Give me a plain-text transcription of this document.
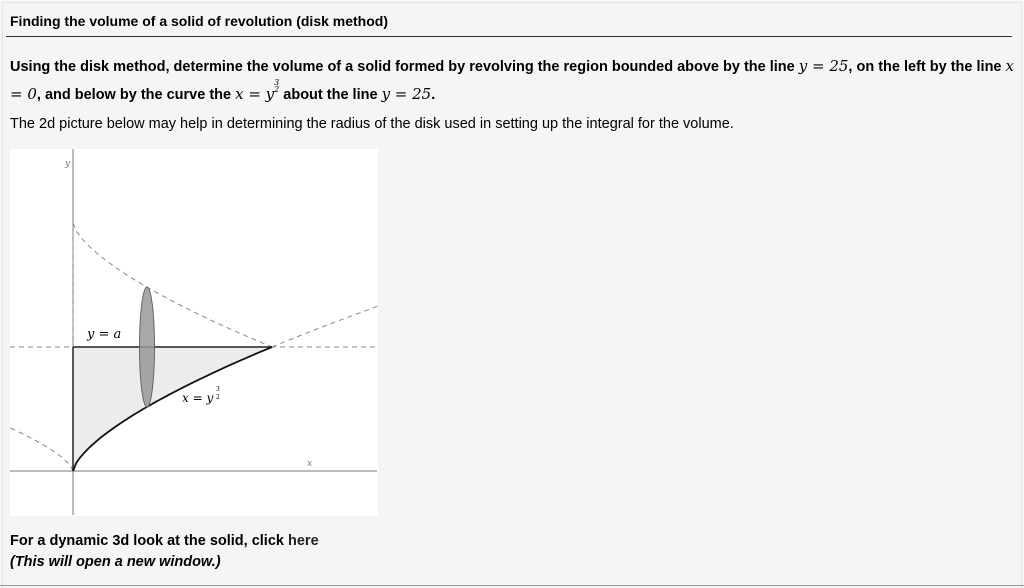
Finding the volume of a solid of revolution (disk method)
Using the disk method, determine the volume of a solid formed by revolving the region bounded above by the line y = 25, on the left by the line x = 0, and below by the curve the $x = y^{3 2}$ about the line y = 25.
The 2d picture below may help in determining the radius of the disk used in setting up the integral for the volume.
y
x
y = a
x = y
3
2
For a dynamic 3d look at the solid, click here
(This will open a new window.)
